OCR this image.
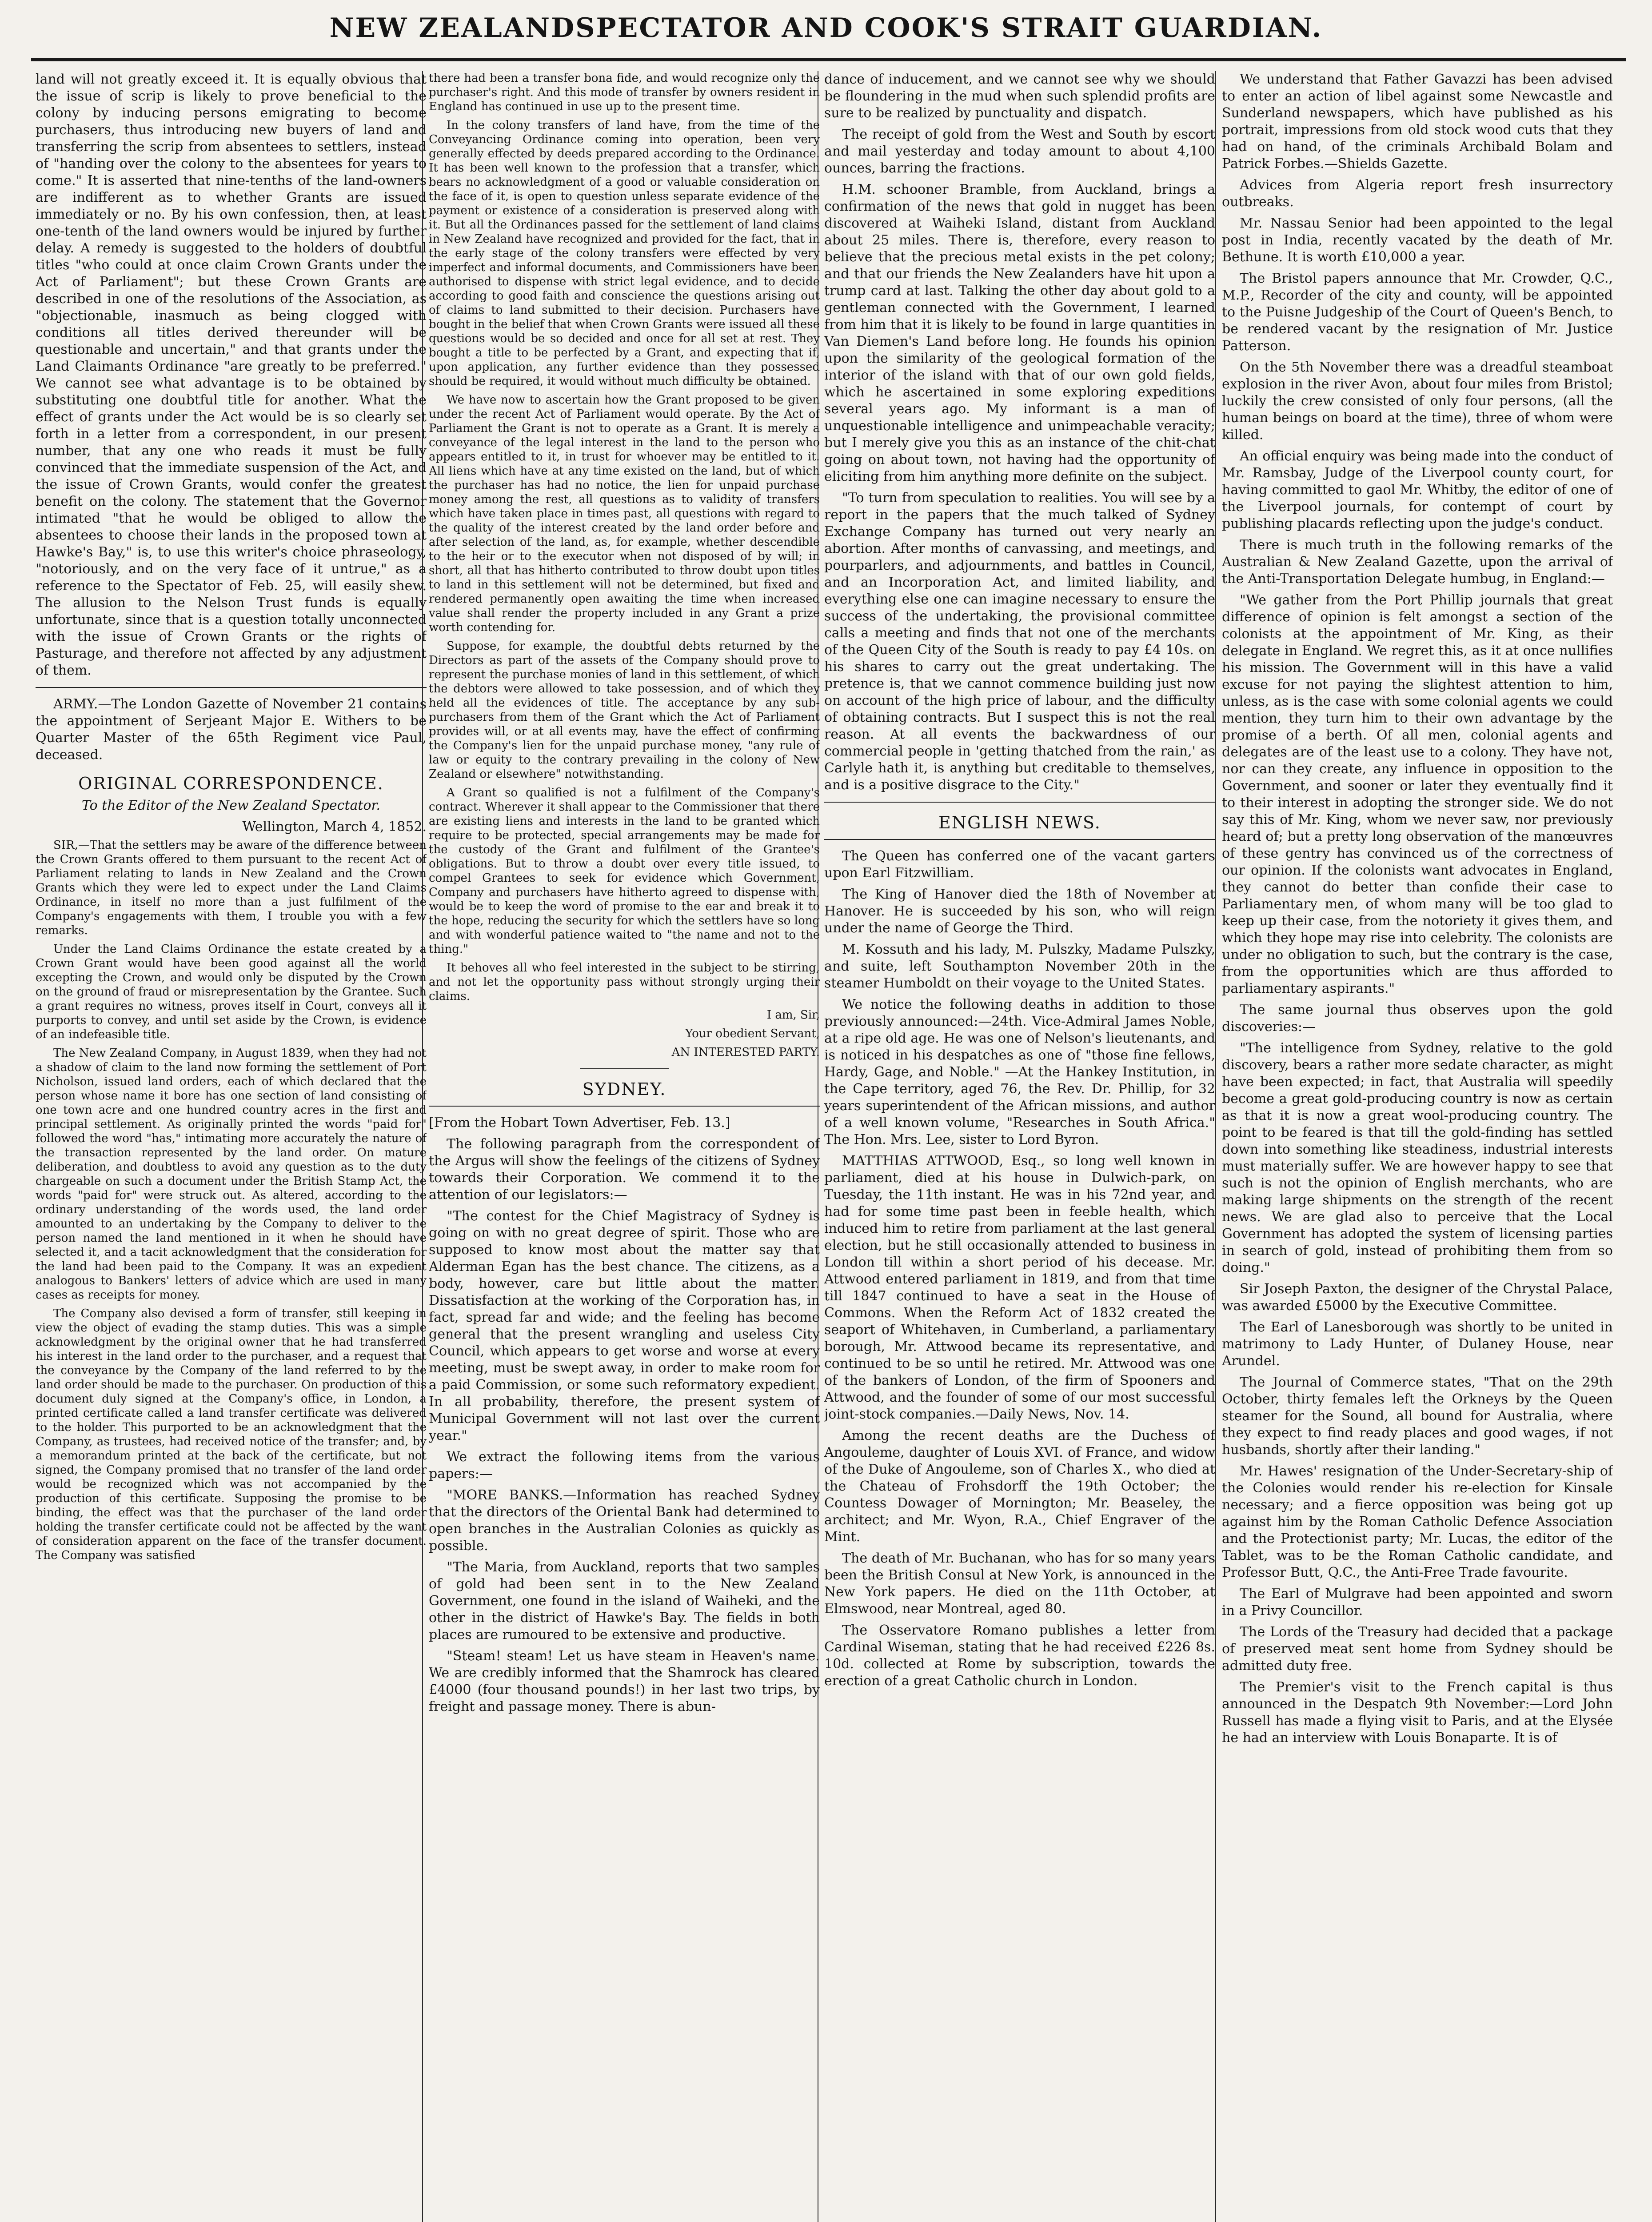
NEW ZEALANDSPECTATOR AND COOK'S STRAIT GUARDIAN.

land will not greatly exceed it. It is equally obvious that the issue of scrip is likely to prove beneficial to the colony by inducing persons emigrating to become purchasers, thus introducing new buyers of land and transferring the scrip from absentees to settlers, instead of "handing over the colony to the absentees for years to come." It is asserted that nine-tenths of the land-owners are indifferent as to whether Grants are issued immediately or no. By his own confession, then, at least one-tenth of the land owners would be injured by further delay. A remedy is suggested to the holders of doubtful titles "who could at once claim Crown Grants under the Act of Parliament"; but these Crown Grants are described in one of the resolutions of the Association, as "objectionable, inasmuch as being clogged with conditions all titles derived thereunder will be questionable and uncertain," and that grants under the Land Claimants Ordinance "are greatly to be preferred." We cannot see what advantage is to be obtained by substituting one doubtful title for another. What the effect of grants under the Act would be is so clearly set forth in a letter from a correspondent, in our present number, that any one who reads it must be fully convinced that the immediate suspension of the Act, and the issue of Crown Grants, would confer the greatest benefit on the colony. The statement that the Governor intimated "that he would be obliged to allow the absentees to choose their lands in the proposed town at Hawke's Bay," is, to use this writer's choice phraseology, "notoriously, and on the very face of it untrue," as a reference to the Spectator of Feb. 25, will easily shew. The allusion to the Nelson Trust funds is equally unfortunate, since that is a question totally unconnected with the issue of Crown Grants or the rights of Pasturage, and therefore not affected by any adjustment of them.

ARMY.—The London Gazette of November 21 contains the appointment of Serjeant Major E. Withers to be Quarter Master of the 65th Regiment vice Paul, deceased.

ORIGINAL CORRESPONDENCE.
To the Editor of the New Zealand Spectator.
Wellington, March 4, 1852.

SIR,—That the settlers may be aware of the difference between the Crown Grants offered to them pursuant to the recent Act of Parliament relating to lands in New Zealand and the Crown Grants which they were led to expect under the Land Claims Ordinance, in itself no more than a just fulfilment of the Company's engagements with them, I trouble you with a few remarks.

Under the Land Claims Ordinance the estate created by a Crown Grant would have been good against all the world excepting the Crown, and would only be disputed by the Crown on the ground of fraud or misrepresentation by the Grantee. Such a grant requires no witness, proves itself in Court, conveys all it purports to convey, and until set aside by the Crown, is evidence of an indefeasible title.

The New Zealand Company, in August 1839, when they had not a shadow of claim to the land now forming the settlement of Port Nicholson, issued land orders, each of which declared that the person whose name it bore has one section of land consisting of one town acre and one hundred country acres in the first and principal settlement. As originally printed the words "paid for" followed the word "has," intimating more accurately the nature of the transaction represented by the land order. On mature deliberation, and doubtless to avoid any question as to the duty chargeable on such a document under the British Stamp Act, the words "paid for" were struck out. As altered, according to the ordinary understanding of the words used, the land order amounted to an undertaking by the Company to deliver to the person named the land mentioned in it when he should have selected it, and a tacit acknowledgment that the consideration for the land had been paid to the Company. It was an expedient analogous to Bankers' letters of advice which are used in many cases as receipts for money.

The Company also devised a form of transfer, still keeping in view the object of evading the stamp duties. This was a simple acknowledgment by the original owner that he had transferred his interest in the land order to the purchaser, and a request that the conveyance by the Company of the land referred to by the land order should be made to the purchaser. On production of this document duly signed at the Company's office, in London, a printed certificate called a land transfer certificate was delivered to the holder. This purported to be an acknowledgment that the Company, as trustees, had received notice of the transfer; and, by a memorandum printed at the back of the certificate, but not signed, the Company promised that no transfer of the land order would be recognized which was not accompanied by the production of this certificate. Supposing the promise to be binding, the effect was that the purchaser of the land order holding the transfer certificate could not be affected by the want of consideration apparent on the face of the transfer document. The Company was satisfied

there had been a transfer bona fide, and would recognize only the purchaser's right. And this mode of transfer by owners resident in England has continued in use up to the present time.

In the colony transfers of land have, from the time of the Conveyancing Ordinance coming into operation, been very generally effected by deeds prepared according to the Ordinance. It has been well known to the profession that a transfer, which bears no acknowledgment of a good or valuable consideration on the face of it, is open to question unless separate evidence of the payment or existence of a consideration is preserved along with it. But all the Ordinances passed for the settlement of land claims in New Zealand have recognized and provided for the fact, that in the early stage of the colony transfers were effected by very imperfect and informal documents, and Commissioners have been authorised to dispense with strict legal evidence, and to decide according to good faith and conscience the questions arising out of claims to land submitted to their decision. Purchasers have bought in the belief that when Crown Grants were issued all these questions would be so decided and once for all set at rest. They bought a title to be perfected by a Grant, and expecting that if, upon application, any further evidence than they possessed should be required, it would without much difficulty be obtained.

We have now to ascertain how the Grant proposed to be given under the recent Act of Parliament would operate. By the Act of Parliament the Grant is not to operate as a Grant. It is merely a conveyance of the legal interest in the land to the person who appears entitled to it, in trust for whoever may be entitled to it. All liens which have at any time existed on the land, but of which the purchaser has had no notice, the lien for unpaid purchase money among the rest, all questions as to validity of transfers which have taken place in times past, all questions with regard to the quality of the interest created by the land order before and after selection of the land, as, for example, whether descendible to the heir or to the executor when not disposed of by will; in short, all that has hitherto contributed to throw doubt upon titles to land in this settlement will not be determined, but fixed and rendered permanently open awaiting the time when increased value shall render the property included in any Grant a prize worth contending for.

Suppose, for example, the doubtful debts returned by the Directors as part of the assets of the Company should prove to represent the purchase monies of land in this settlement, of which the debtors were allowed to take possession, and of which they held all the evidences of title. The acceptance by any sub-purchasers from them of the Grant which the Act of Parliament provides will, or at all events may, have the effect of confirming the Company's lien for the unpaid purchase money, "any rule of law or equity to the contrary prevailing in the colony of New Zealand or elsewhere" notwithstanding.

A Grant so qualified is not a fulfilment of the Company's contract. Wherever it shall appear to the Commissioner that there are existing liens and interests in the land to be granted which require to be protected, special arrangements may be made for the custody of the Grant and fulfilment of the Grantee's obligations. But to throw a doubt over every title issued, to compel Grantees to seek for evidence which Government, Company and purchasers have hitherto agreed to dispense with, would be to keep the word of promise to the ear and break it to the hope, reducing the security for which the settlers have so long and with wonderful patience waited to "the name and not to the thing."

It behoves all who feel interested in the subject to be stirring, and not let the opportunity pass without strongly urging their claims.

I am, Sir,

Your obedient Servant,

AN INTERESTED PARTY.

SYDNEY.

[From the Hobart Town Advertiser, Feb. 13.]

The following paragraph from the correspondent of the Argus will show the feelings of the citizens of Sydney towards their Corporation. We commend it to the attention of our legislators:—

"The contest for the Chief Magistracy of Sydney is going on with no great degree of spirit. Those who are supposed to know most about the matter say that Alderman Egan has the best chance. The citizens, as a body, however, care but little about the matter. Dissatisfaction at the working of the Corporation has, in fact, spread far and wide; and the feeling has become general that the present wrangling and useless City Council, which appears to get worse and worse at every meeting, must be swept away, in order to make room for a paid Commission, or some such reformatory expedient. In all probability, therefore, the present system of Municipal Government will not last over the current year."

We extract the following items from the various papers:—

"MORE BANKS.—Information has reached Sydney that the directors of the Oriental Bank had determined to open branches in the Australian Colonies as quickly as possible.

"The Maria, from Auckland, reports that two samples of gold had been sent in to the New Zealand Government, one found in the island of Waiheki, and the other in the district of Hawke's Bay. The fields in both places are rumoured to be extensive and productive.

"Steam! steam! Let us have steam in Heaven's name. We are credibly informed that the Shamrock has cleared £4000 (four thousand pounds!) in her last two trips, by freight and passage money. There is abun-

dance of inducement, and we cannot see why we should be floundering in the mud when such splendid profits are sure to be realized by punctuality and dispatch.

The receipt of gold from the West and South by escort and mail yesterday and today amount to about 4,100 ounces, barring the fractions.

H.M. schooner Bramble, from Auckland, brings a confirmation of the news that gold in nugget has been discovered at Waiheki Island, distant from Auckland about 25 miles. There is, therefore, every reason to believe that the precious metal exists in the pet colony; and that our friends the New Zealanders have hit upon a trump card at last. Talking the other day about gold to a gentleman connected with the Government, I learned from him that it is likely to be found in large quantities in Van Diemen's Land before long. He founds his opinion upon the similarity of the geological formation of the interior of the island with that of our own gold fields, which he ascertained in some exploring expeditions several years ago. My informant is a man of unquestionable intelligence and unimpeachable veracity; but I merely give you this as an instance of the chit-chat going on about town, not having had the opportunity of eliciting from him anything more definite on the subject.

"To turn from speculation to realities. You will see by a report in the papers that the much talked of Sydney Exchange Company has turned out very nearly an abortion. After months of canvassing, and meetings, and pourparlers, and adjournments, and battles in Council, and an Incorporation Act, and limited liability, and everything else one can imagine necessary to ensure the success of the undertaking, the provisional committee calls a meeting and finds that not one of the merchants of the Queen City of the South is ready to pay £4 10s. on his shares to carry out the great undertaking. The pretence is, that we cannot commence building just now on account of the high price of labour, and the difficulty of obtaining contracts. But I suspect this is not the real reason. At all events the backwardness of our commercial people in 'getting thatched from the rain,' as Carlyle hath it, is anything but creditable to themselves, and is a positive disgrace to the City."

ENGLISH NEWS.

The Queen has conferred one of the vacant garters upon Earl Fitzwilliam.

The King of Hanover died the 18th of November at Hanover. He is succeeded by his son, who will reign under the name of George the Third.

M. Kossuth and his lady, M. Pulszky, Madame Pulszky, and suite, left Southampton November 20th in the steamer Humboldt on their voyage to the United States.

We notice the following deaths in addition to those previously announced:—24th. Vice-Admiral James Noble, at a ripe old age. He was one of Nelson's lieutenants, and is noticed in his despatches as one of "those fine fellows, Hardy, Gage, and Noble." —At the Hankey Institution, in the Cape territory, aged 76, the Rev. Dr. Phillip, for 32 years superintendent of the African missions, and author of a well known volume, "Researches in South Africa." The Hon. Mrs. Lee, sister to Lord Byron.

MATTHIAS ATTWOOD, Esq., so long well known in parliament, died at his house in Dulwich-park, on Tuesday, the 11th instant. He was in his 72nd year, and had for some time past been in feeble health, which induced him to retire from parliament at the last general election, but he still occasionally attended to business in London till within a short period of his decease. Mr. Attwood entered parliament in 1819, and from that time till 1847 continued to have a seat in the House of Commons. When the Reform Act of 1832 created the seaport of Whitehaven, in Cumberland, a parliamentary borough, Mr. Attwood became its representative, and continued to be so until he retired. Mr. Attwood was one of the bankers of London, of the firm of Spooners and Attwood, and the founder of some of our most successful joint-stock companies.—Daily News, Nov. 14.

Among the recent deaths are the Duchess of Angouleme, daughter of Louis XVI. of France, and widow of the Duke of Angouleme, son of Charles X., who died at the Chateau of Frohsdorff the 19th October; the Countess Dowager of Mornington; Mr. Beaseley, the architect; and Mr. Wyon, R.A., Chief Engraver of the Mint.

The death of Mr. Buchanan, who has for so many years been the British Consul at New York, is announced in the New York papers. He died on the 11th October, at Elmswood, near Montreal, aged 80.

The Osservatore Romano publishes a letter from Cardinal Wiseman, stating that he had received £226 8s. 10d. collected at Rome by subscription, towards the erection of a great Catholic church in London.

We understand that Father Gavazzi has been advised to enter an action of libel against some Newcastle and Sunderland newspapers, which have published as his portrait, impressions from old stock wood cuts that they had on hand, of the criminals Archibald Bolam and Patrick Forbes.—Shields Gazette.

Advices from Algeria report fresh insurrectory outbreaks.

Mr. Nassau Senior had been appointed to the legal post in India, recently vacated by the death of Mr. Bethune. It is worth £10,000 a year.

The Bristol papers announce that Mr. Crowder, Q.C., M.P., Recorder of the city and county, will be appointed to the Puisne Judgeship of the Court of Queen's Bench, to be rendered vacant by the resignation of Mr. Justice Patterson.

On the 5th November there was a dreadful steamboat explosion in the river Avon, about four miles from Bristol; luckily the crew consisted of only four persons, (all the human beings on board at the time), three of whom were killed.

An official enquiry was being made into the conduct of Mr. Ramsbay, Judge of the Liverpool county court, for having committed to gaol Mr. Whitby, the editor of one of the Liverpool journals, for contempt of court by publishing placards reflecting upon the judge's conduct.

There is much truth in the following remarks of the Australian & New Zealand Gazette, upon the arrival of the Anti-Transportation Delegate humbug, in England:—

"We gather from the Port Phillip journals that great difference of opinion is felt amongst a section of the colonists at the appointment of Mr. King, as their delegate in England. We regret this, as it at once nullifies his mission. The Government will in this have a valid excuse for not paying the slightest attention to him, unless, as is the case with some colonial agents we could mention, they turn him to their own advantage by the promise of a berth. Of all men, colonial agents and delegates are of the least use to a colony. They have not, nor can they create, any influence in opposition to the Government, and sooner or later they eventually find it to their interest in adopting the stronger side. We do not say this of Mr. King, whom we never saw, nor previously heard of; but a pretty long observation of the manœuvres of these gentry has convinced us of the correctness of our opinion. If the colonists want advocates in England, they cannot do better than confide their case to Parliamentary men, of whom many will be too glad to keep up their case, from the notoriety it gives them, and which they hope may rise into celebrity. The colonists are under no obligation to such, but the contrary is the case, from the opportunities which are thus afforded to parliamentary aspirants."

The same journal thus observes upon the gold discoveries:—

"The intelligence from Sydney, relative to the gold discovery, bears a rather more sedate character, as might have been expected; in fact, that Australia will speedily become a great gold-producing country is now as certain as that it is now a great wool-producing country. The point to be feared is that till the gold-finding has settled down into something like steadiness, industrial interests must materially suffer. We are however happy to see that such is not the opinion of English merchants, who are making large shipments on the strength of the recent news. We are glad also to perceive that the Local Government has adopted the system of licensing parties in search of gold, instead of prohibiting them from so doing."

Sir Joseph Paxton, the designer of the Chrystal Palace, was awarded £5000 by the Executive Committee.

The Earl of Lanesborough was shortly to be united in matrimony to Lady Hunter, of Dulaney House, near Arundel.

The Journal of Commerce states, "That on the 29th October, thirty females left the Orkneys by the Queen steamer for the Sound, all bound for Australia, where they expect to find ready places and good wages, if not husbands, shortly after their landing."

Mr. Hawes' resignation of the Under-Secretary-ship of the Colonies would render his re-election for Kinsale necessary; and a fierce opposition was being got up against him by the Roman Catholic Defence Association and the Protectionist party; Mr. Lucas, the editor of the Tablet, was to be the Roman Catholic candidate, and Professor Butt, Q.C., the Anti-Free Trade favourite.

The Earl of Mulgrave had been appointed and sworn in a Privy Councillor.

The Lords of the Treasury had decided that a package of preserved meat sent home from Sydney should be admitted duty free.

The Premier's visit to the French capital is thus announced in the Despatch 9th November:—Lord John Russell has made a flying visit to Paris, and at the Elysée he had an interview with Louis Bonaparte. It is of
